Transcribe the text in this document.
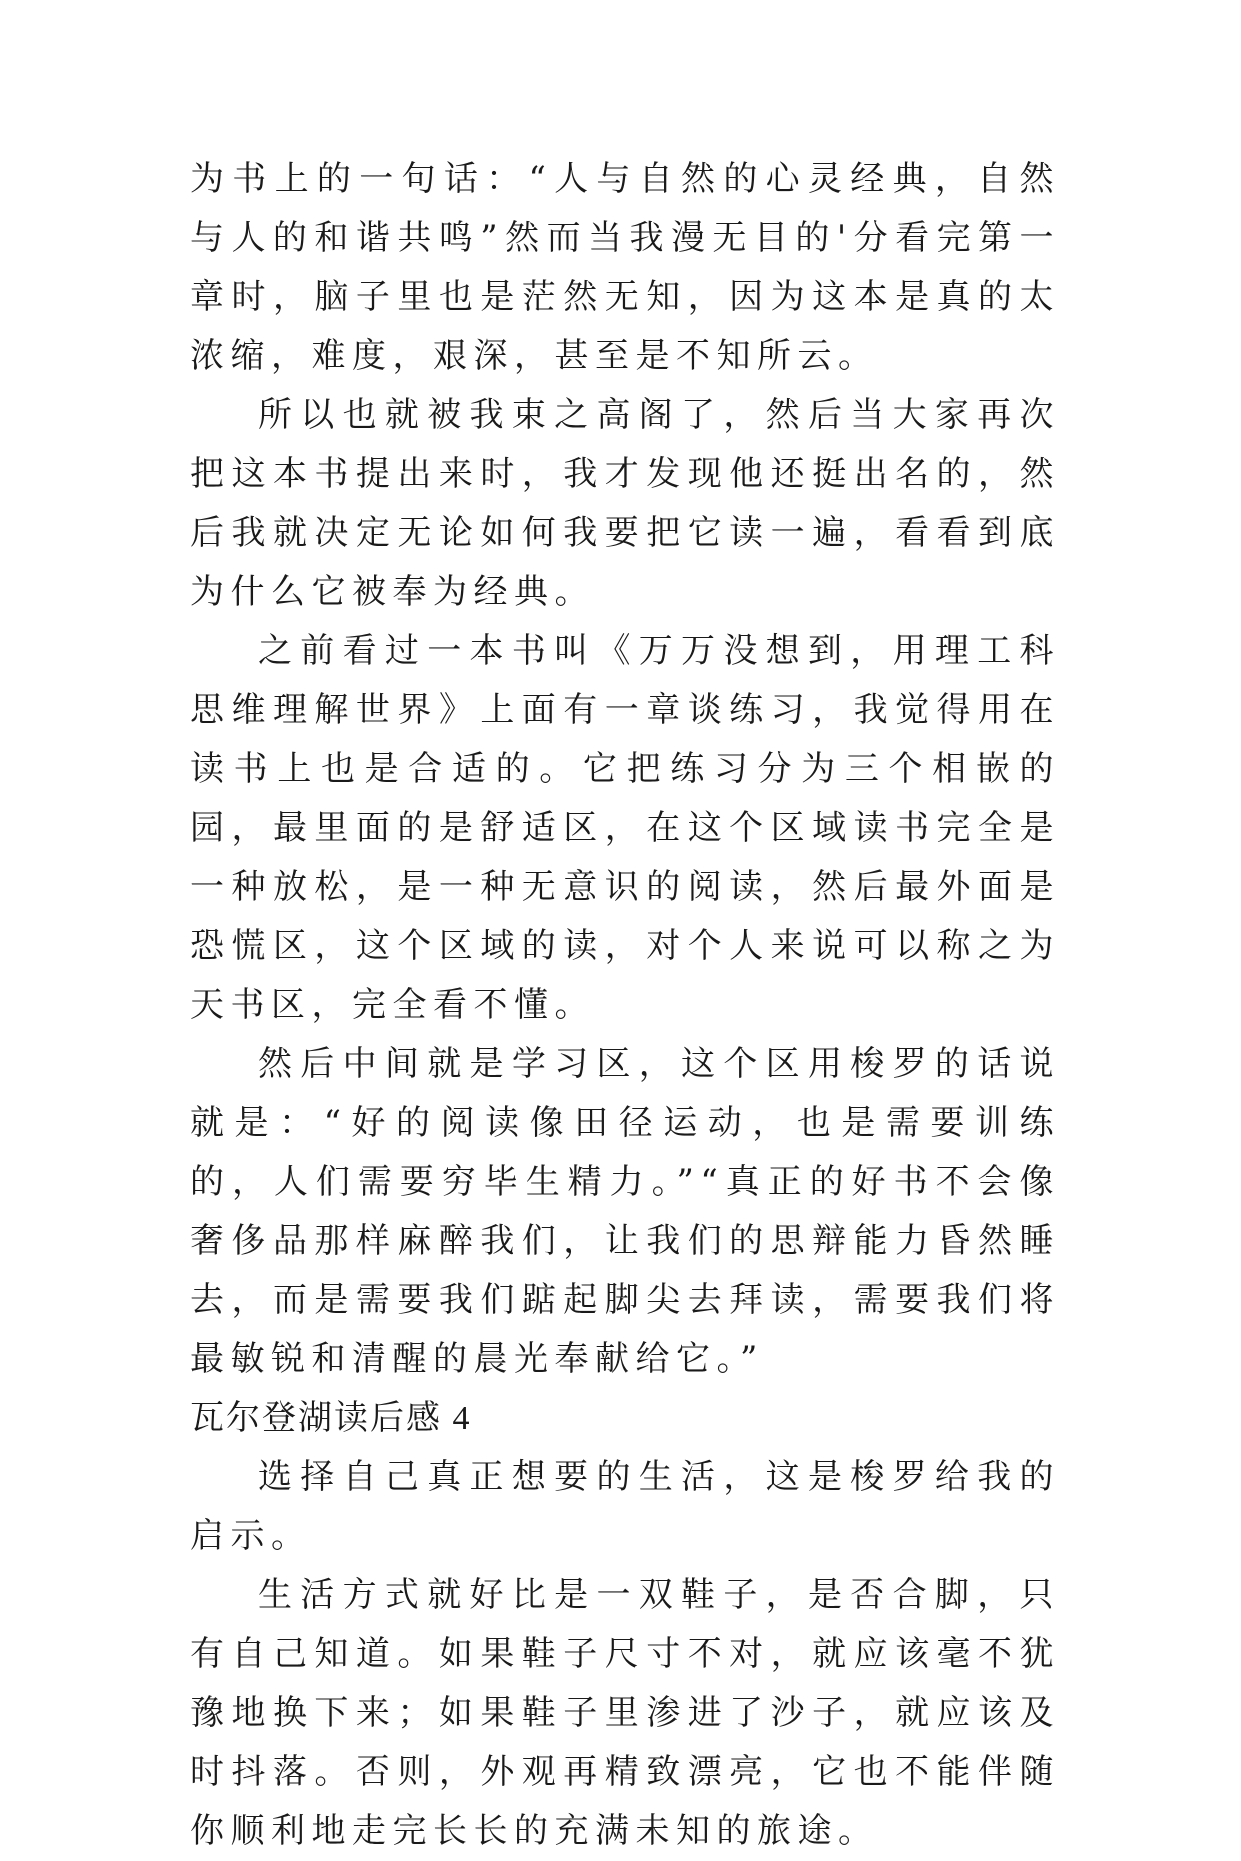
为书上的一句话：“人与自然的心灵经典，自然与人的和谐共鸣”然而当我漫无目的'分看完第一章时，脑子里也是茫然无知，因为这本是真的太浓缩，难度，艰深，甚至是不知所云。

所以也就被我束之高阁了，然后当大家再次把这本书提出来时，我才发现他还挺出名的，然后我就决定无论如何我要把它读一遍，看看到底为什么它被奉为经典。

之前看过一本书叫《万万没想到，用理工科思维理解世界》上面有一章谈练习，我觉得用在读书上也是合适的。它把练习分为三个相嵌的园，最里面的是舒适区，在这个区域读书完全是一种放松，是一种无意识的阅读，然后最外面是恐慌区，这个区域的读，对个人来说可以称之为天书区，完全看不懂。

然后中间就是学习区，这个区用梭罗的话说就是：“好的阅读像田径运动，也是需要训练的，人们需要穷毕生精力。”“真正的好书不会像奢侈品那样麻醉我们，让我们的思辩能力昏然睡去，而是需要我们踮起脚尖去拜读，需要我们将最敏锐和清醒的晨光奉献给它。”

瓦尔登湖读后感 4

选择自己真正想要的生活，这是梭罗给我的启示。

生活方式就好比是一双鞋子，是否合脚，只有自己知道。如果鞋子尺寸不对，就应该毫不犹豫地换下来；如果鞋子里渗进了沙子，就应该及时抖落。否则，外观再精致漂亮，它也不能伴随你顺利地走完长长的充满未知的旅途。
